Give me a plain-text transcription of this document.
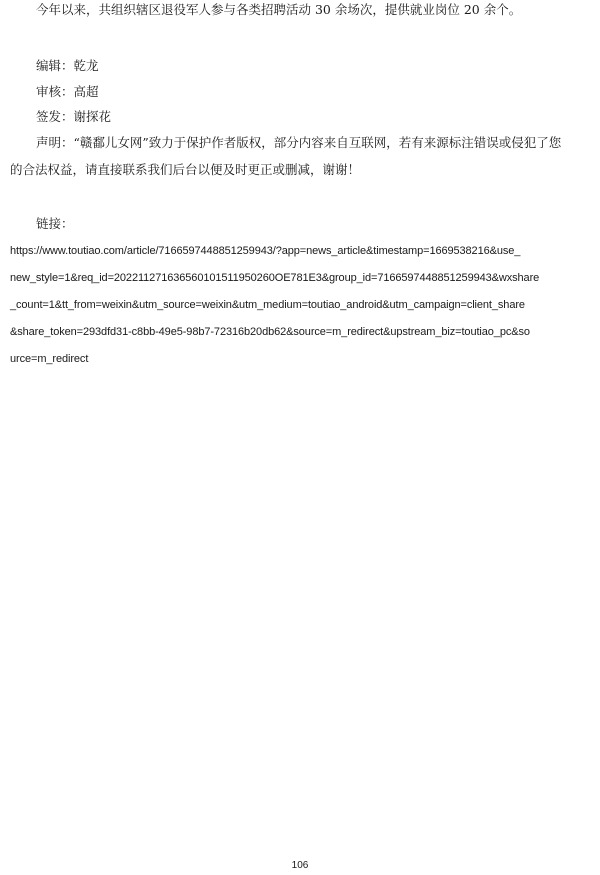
今年以来，共组织辖区退役军人参与各类招聘活动 30 余场次，提供就业岗位 20 余个。
编辑：乾龙
审核：高超
签发：谢探花
声明：“赣鄱儿女网”致力于保护作者版权，部分内容来自互联网，若有来源标注错误或侵犯了您
的合法权益，请直接联系我们后台以便及时更正或删减，谢谢！
链接：
https://www.toutiao.com/article/7166597448851259943/?app=news_article&timestamp=1669538216&use_
new_style=1&req_id=202211271636560101511950260OE781E3&group_id=7166597448851259943&wxshare
_count=1&tt_from=weixin&utm_source=weixin&utm_medium=toutiao_android&utm_campaign=client_share
&share_token=293dfd31-c8bb-49e5-98b7-72316b20db62&source=m_redirect&upstream_biz=toutiao_pc&so
urce=m_redirect
106
